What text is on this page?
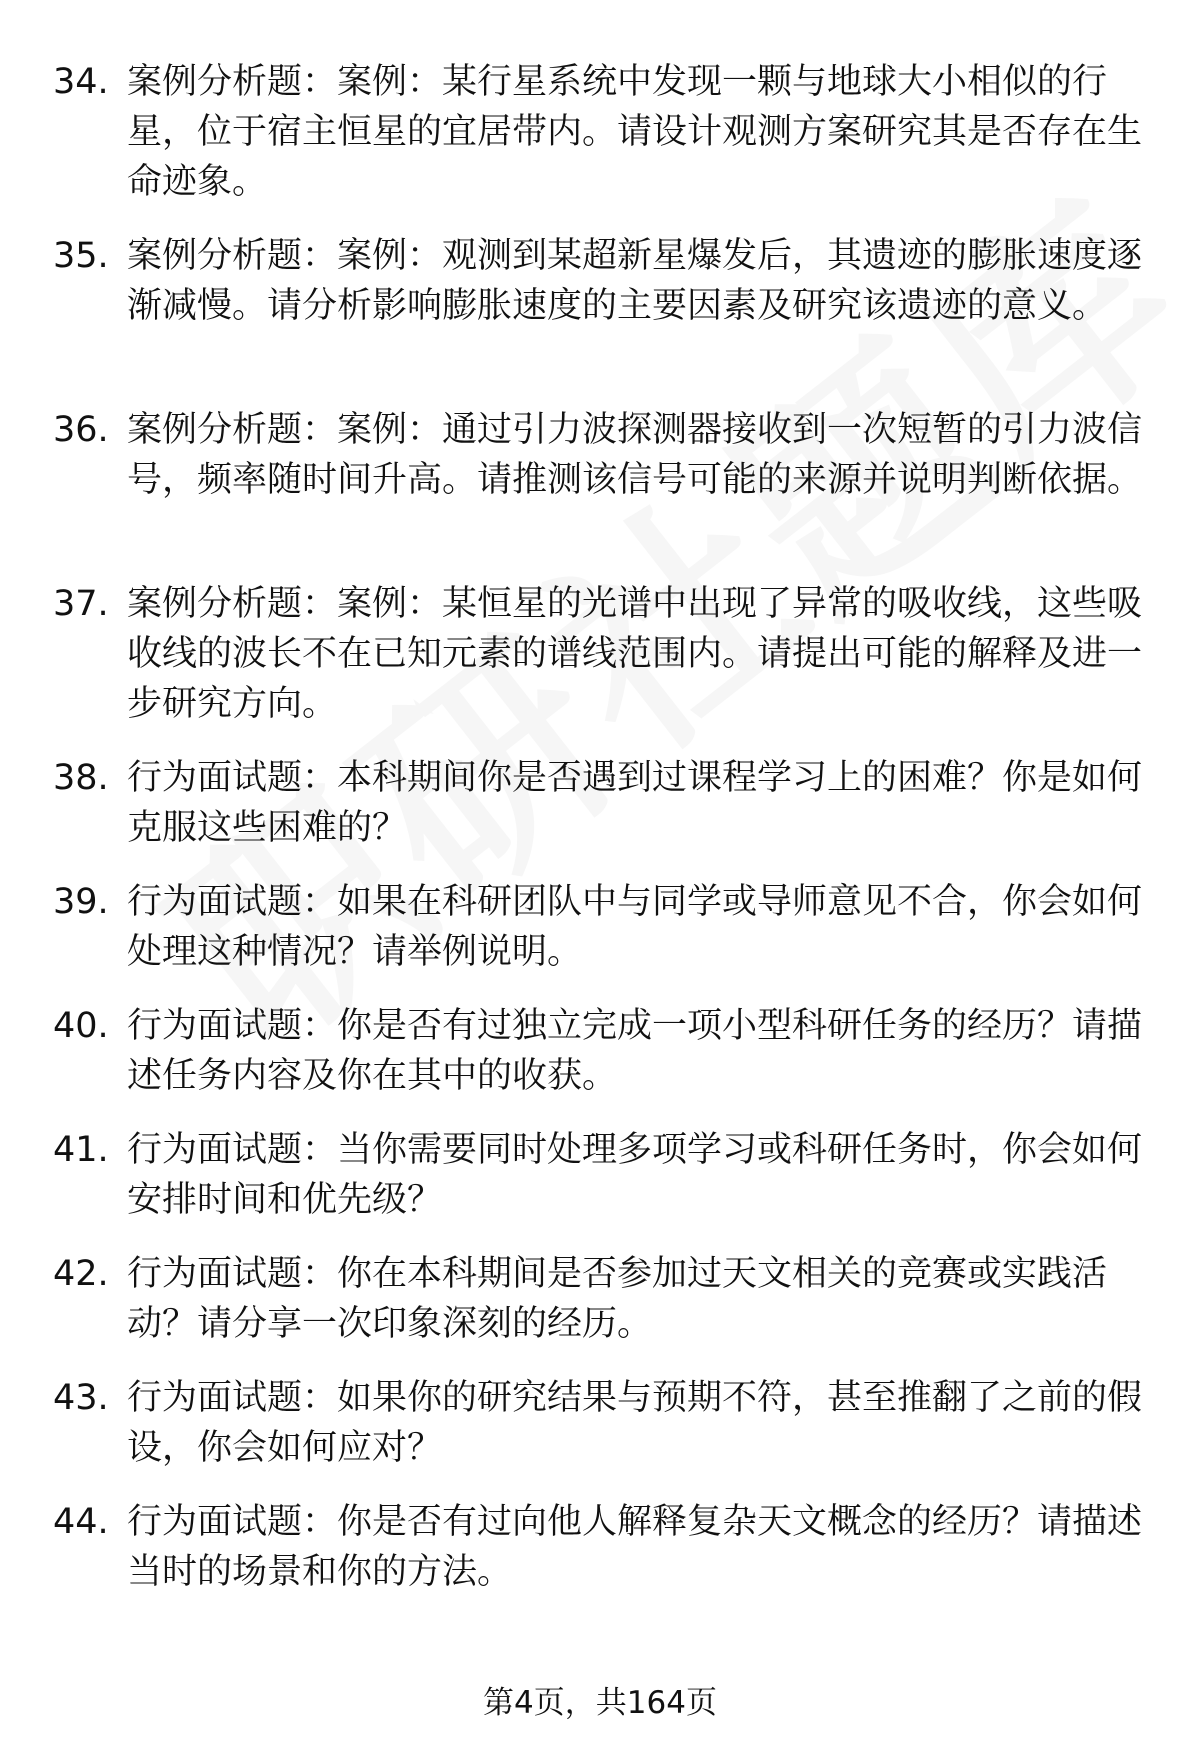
34. 案例分析题：案例：某行星系统中发现一颗与地球大小相似的行星，位于宿主恒星的宜居带内。请设计观测方案研究其是否存在生命迹象。
35. 案例分析题：案例：观测到某超新星爆发后，其遗迹的膨胀速度逐渐减慢。请分析影响膨胀速度的主要因素及研究该遗迹的意义。
36. 案例分析题：案例：通过引力波探测器接收到一次短暂的引力波信号，频率随时间升高。请推测该信号可能的来源并说明判断依据。
37. 案例分析题：案例：某恒星的光谱中出现了异常的吸收线，这些吸收线的波长不在已知元素的谱线范围内。请提出可能的解释及进一步研究方向。
38. 行为面试题：本科期间你是否遇到过课程学习上的困难？你是如何克服这些困难的？
39. 行为面试题：如果在科研团队中与同学或导师意见不合，你会如何处理这种情况？请举例说明。
40. 行为面试题：你是否有过独立完成一项小型科研任务的经历？请描述任务内容及你在其中的收获。
41. 行为面试题：当你需要同时处理多项学习或科研任务时，你会如何安排时间和优先级？
42. 行为面试题：你在本科期间是否参加过天文相关的竞赛或实践活动？请分享一次印象深刻的经历。
43. 行为面试题：如果你的研究结果与预期不符，甚至推翻了之前的假设，你会如何应对？
44. 行为面试题：你是否有过向他人解释复杂天文概念的经历？请描述当时的场景和你的方法。
第4页，共164页
